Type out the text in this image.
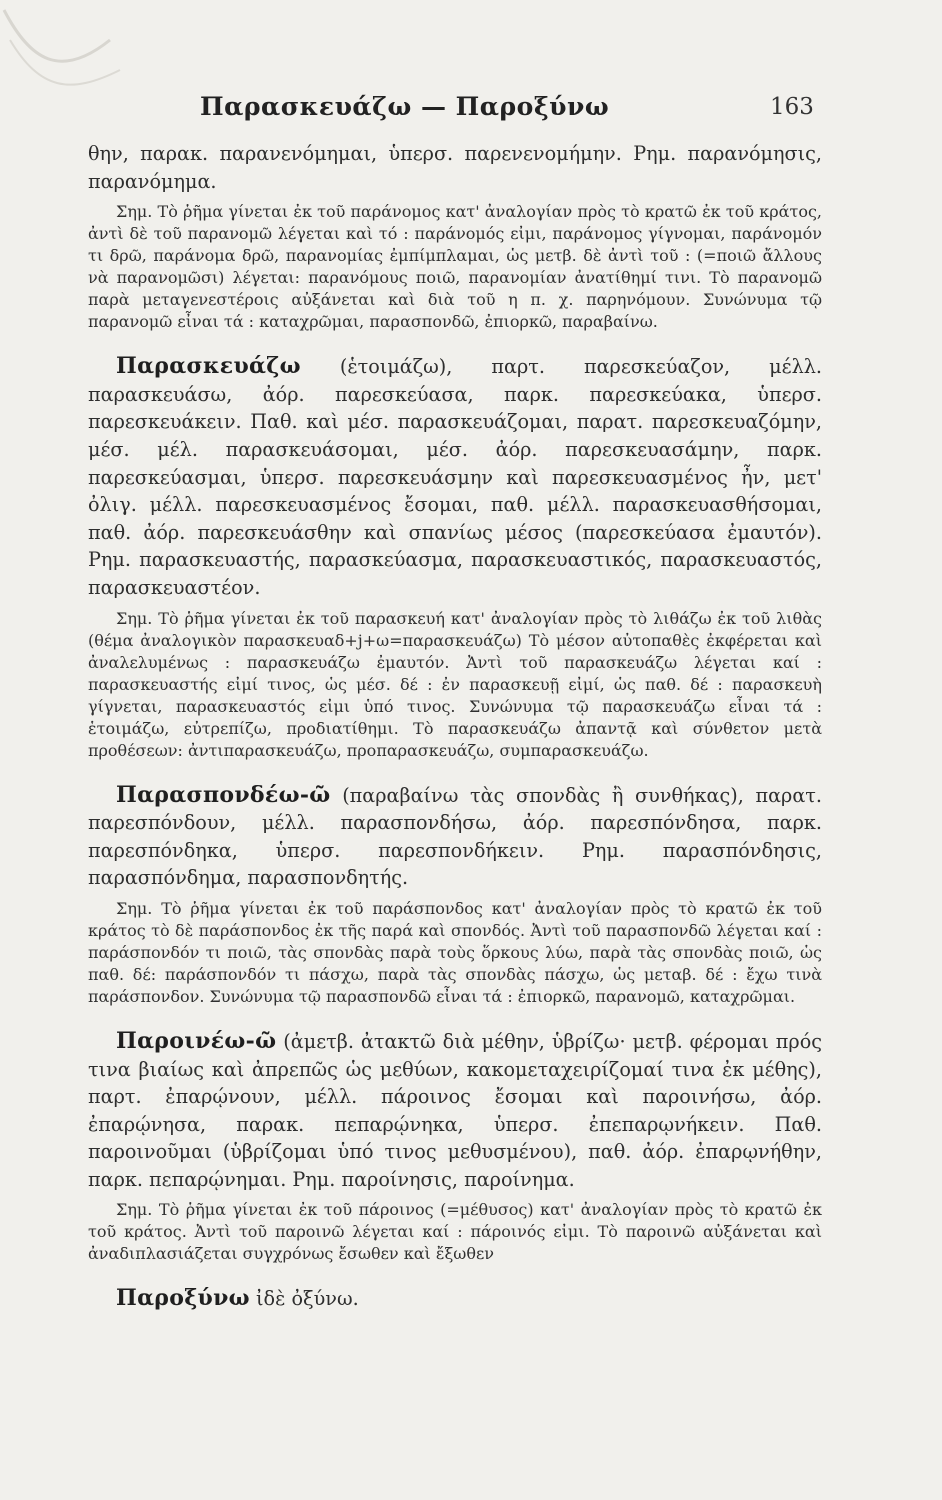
Παρασκευάζω — Παροξύνω	163

θην, παρακ. παρανενόμημαι, ὑπερσ. παρενενομήμην. Ρημ. παρανόμησις, παρανόμημα.

Σημ. Τὸ ῥῆμα γίνεται ἐκ τοῦ παράνομος κατ' ἀναλογίαν πρὸς τὸ κρατῶ ἐκ τοῦ κράτος, ἀντὶ δὲ τοῦ παρανομῶ λέγεται καὶ τό : παράνομός εἰμι, παράνομος γίγνομαι, παράνομόν τι δρῶ, παράνομα δρῶ, παρανομίας ἐμπίμπλαμαι, ὡς μετβ. δὲ ἀντὶ τοῦ : (=ποιῶ ἄλλους νὰ παρανομῶσι) λέγεται: παρανόμους ποιῶ, παρανομίαν ἀνατίθημί τινι. Τὸ παρανομῶ παρὰ μεταγενεστέροις αὐξάνεται καὶ διὰ τοῦ η π. χ. παρηνόμουν. Συνώνυμα τῷ παρανομῶ εἶναι τά : καταχρῶμαι, παρασπονδῶ, ἐπιορκῶ, παραβαίνω.

Παρασκευάζω (ἑτοιμάζω), παρτ. παρεσκεύαζον, μέλλ. παρασκευάσω, ἀόρ. παρεσκεύασα, παρκ. παρεσκεύακα, ὑπερσ. παρεσκευάκειν. Παθ. καὶ μέσ. παρασκευάζομαι, παρατ. παρεσκευαζόμην, μέσ. μέλ. παρασκευάσομαι, μέσ. ἀόρ. παρεσκευασάμην, παρκ. παρεσκεύασμαι, ὑπερσ. παρεσκευάσμην καὶ παρεσκευασμένος ἦν, μετ' ὀλιγ. μέλλ. παρεσκευασμένος ἔσομαι, παθ. μέλλ. παρασκευασθήσομαι, παθ. ἀόρ. παρεσκευάσθην καὶ σπανίως μέσος (παρεσκεύασα ἐμαυτόν). Ρημ. παρασκευαστής, παρασκεύασμα, παρασκευαστικός, παρασκευαστός, παρασκευαστέον.

Σημ. Τὸ ῥῆμα γίνεται ἐκ τοῦ παρασκευή κατ' ἀναλογίαν πρὸς τὸ λιθάζω ἐκ τοῦ λιθὰς (θέμα ἀναλογικὸν παρασκευαδ+j+ω=παρασκευάζω) Τὸ μέσον αὐτοπαθὲς ἐκφέρεται καὶ ἀναλελυμένως : παρασκευάζω ἐμαυτόν. Ἀντὶ τοῦ παρασκευάζω λέγεται καί : παρασκευαστής εἰμί τινος, ὡς μέσ. δέ : ἐν παρασκευῇ εἰμί, ὡς παθ. δέ : παρασκευὴ γίγνεται, παρασκευαστός εἰμι ὑπό τινος. Συνώνυμα τῷ παρασκευάζω εἶναι τά : ἑτοιμάζω, εὐτρεπίζω, προδιατίθημι. Τὸ παρασκευάζω ἀπαντᾷ καὶ σύνθετον μετὰ προθέσεων: ἀντιπαρασκευάζω, προπαρασκευάζω, συμπαρασκευάζω.

Παρασπονδέω-ῶ (παραβαίνω τὰς σπονδὰς ἢ συνθήκας), παρατ. παρεσπόνδουν, μέλλ. παρασπονδήσω, ἀόρ. παρεσπόνδησα, παρκ. παρεσπόνδηκα, ὑπερσ. παρεσπονδήκειν. Ρημ. παρασπόνδησις, παρασπόνδημα, παρασπονδητής.

Σημ. Τὸ ῥῆμα γίνεται ἐκ τοῦ παράσπονδος κατ' ἀναλογίαν πρὸς τὸ κρατῶ ἐκ τοῦ κράτος τὸ δὲ παράσπονδος ἐκ τῆς παρά καὶ σπονδός. Ἀντὶ τοῦ παρασπονδῶ λέγεται καί : παράσπονδόν τι ποιῶ, τὰς σπονδὰς παρὰ τοὺς ὅρκους λύω, παρὰ τὰς σπονδὰς ποιῶ, ὡς παθ. δέ: παράσπονδόν τι πάσχω, παρὰ τὰς σπονδὰς πάσχω, ὡς μεταβ. δέ : ἔχω τινὰ παράσπονδον. Συνώνυμα τῷ παρασπονδῶ εἶναι τά : ἐπιορκῶ, παρανομῶ, καταχρῶμαι.

Παροινέω-ῶ (ἀμετβ. ἀτακτῶ διὰ μέθην, ὑβρίζω· μετβ. φέρομαι πρός τινα βιαίως καὶ ἀπρεπῶς ὡς μεθύων, κακομεταχειρίζομαί τινα ἐκ μέθης), παρτ. ἐπαρῴνουν, μέλλ. πάροινος ἔσομαι καὶ παροινήσω, ἀόρ. ἐπαρῴνησα, παρακ. πεπαρῴνηκα, ὑπερσ. ἐπεπαρῳνήκειν. Παθ. παροινοῦμαι (ὑβρίζομαι ὑπό τινος μεθυσμένου), παθ. ἀόρ. ἐπαρῳνήθην, παρκ. πεπαρῴνημαι. Ρημ. παροίνησις, παροίνημα.

Σημ. Τὸ ῥῆμα γίνεται ἐκ τοῦ πάροινος (=μέθυσος) κατ' ἀναλογίαν πρὸς τὸ κρατῶ ἐκ τοῦ κράτος. Ἀντὶ τοῦ παροινῶ λέγεται καί : πάροινός εἰμι. Τὸ παροινῶ αὐξάνεται καὶ ἀναδιπλασιάζεται συγχρόνως ἔσωθεν καὶ ἔξωθεν

Παροξύνω ἰδὲ ὀξύνω.
